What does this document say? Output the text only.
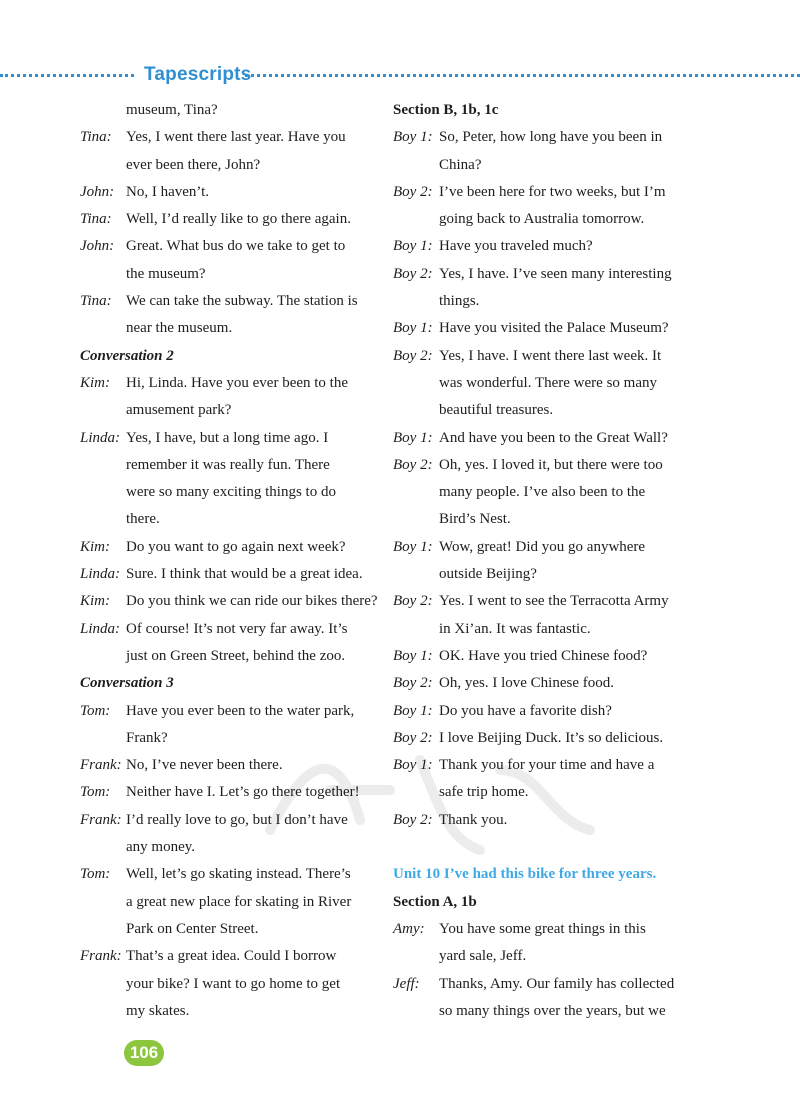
Tapescripts
museum, Tina?
Tina: Yes, I went there last year. Have you
ever been there, John?
John: No, I haven’t.
Tina: Well, I’d really like to go there again.
John: Great. What bus do we take to get to
the museum?
Tina: We can take the subway. The station is
near the museum.
Conversation 2
Kim: Hi, Linda. Have you ever been to the
amusement park?
Linda: Yes, I have, but a long time ago. I
remember it was really fun. There
were so many exciting things to do
there.
Kim: Do you want to go again next week?
Linda: Sure. I think that would be a great idea.
Kim: Do you think we can ride our bikes there?
Linda: Of course! It’s not very far away. It’s
just on Green Street, behind the zoo.
Conversation 3
Tom: Have you ever been to the water park,
Frank?
Frank: No, I’ve never been there.
Tom: Neither have I. Let’s go there together!
Frank: I’d really love to go, but I don’t have
any money.
Tom: Well, let’s go skating instead. There’s
a great new place for skating in River
Park on Center Street.
Frank: That’s a great idea. Could I borrow
your bike? I want to go home to get
my skates.
Section B, 1b, 1c
Boy 1: So, Peter, how long have you been in
China?
Boy 2: I’ve been here for two weeks, but I’m
going back to Australia tomorrow.
Boy 1: Have you traveled much?
Boy 2: Yes, I have. I’ve seen many interesting
things.
Boy 1: Have you visited the Palace Museum?
Boy 2: Yes, I have. I went there last week. It
was wonderful. There were so many
beautiful treasures.
Boy 1: And have you been to the Great Wall?
Boy 2: Oh, yes. I loved it, but there were too
many people. I’ve also been to the
Bird’s Nest.
Boy 1: Wow, great! Did you go anywhere
outside Beijing?
Boy 2: Yes. I went to see the Terracotta Army
in Xi’an. It was fantastic.
Boy 1: OK. Have you tried Chinese food?
Boy 2: Oh, yes. I love Chinese food.
Boy 1: Do you have a favorite dish?
Boy 2: I love Beijing Duck. It’s so delicious.
Boy 1: Thank you for your time and have a
safe trip home.
Boy 2: Thank you.
Unit 10 I’ve had this bike for three years.
Section A, 1b
Amy: You have some great things in this
yard sale, Jeff.
Jeff: Thanks, Amy. Our family has collected
so many things over the years, but we
106
